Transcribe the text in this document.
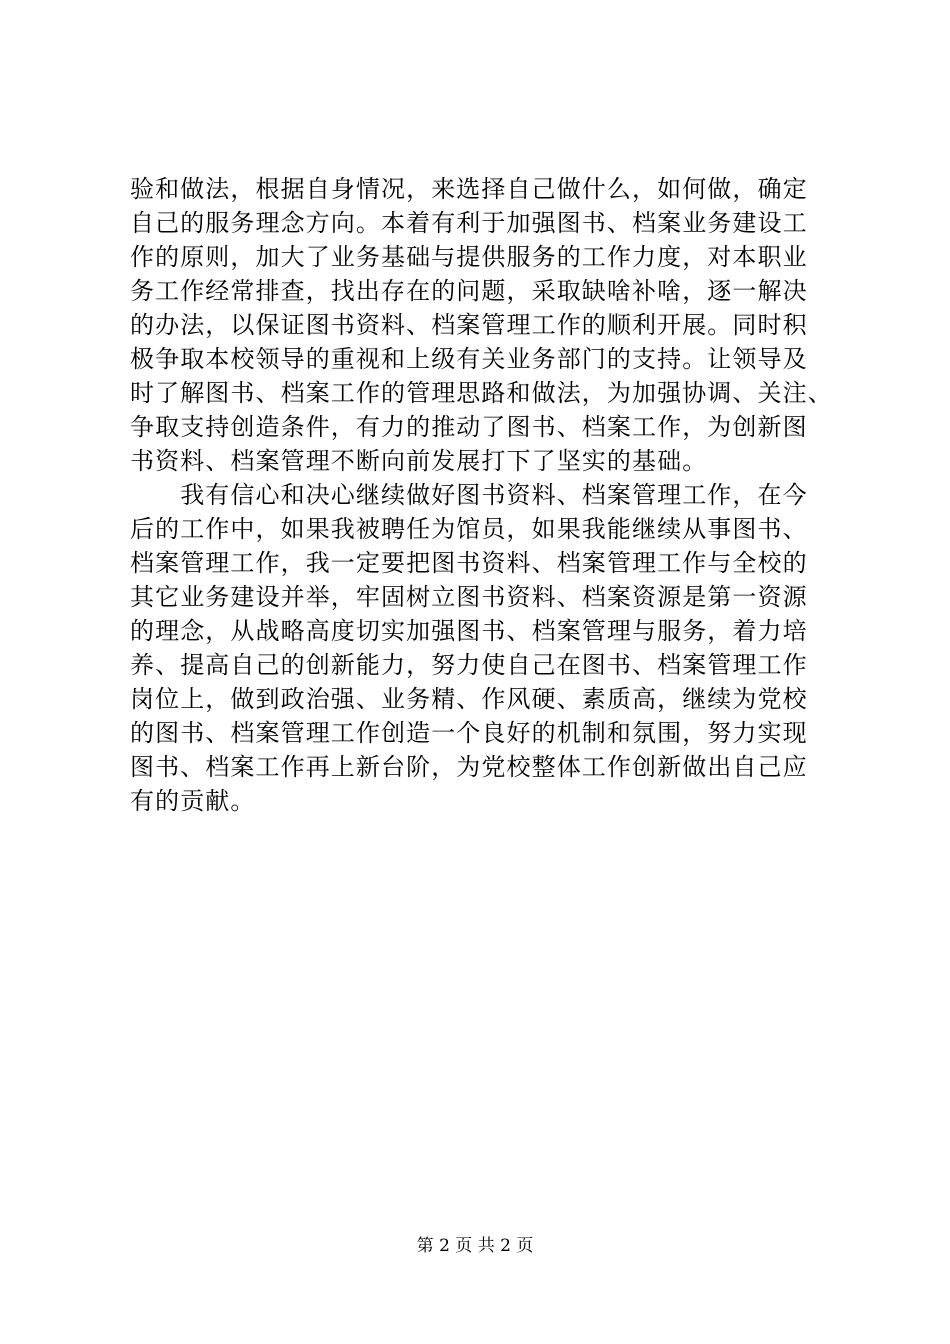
验和做法，根据自身情况，来选择自己做什么，如何做，确定
自己的服务理念方向。本着有利于加强图书、档案业务建设工
作的原则，加大了业务基础与提供服务的工作力度，对本职业
务工作经常排查，找出存在的问题，采取缺啥补啥，逐一解决
的办法，以保证图书资料、档案管理工作的顺利开展。同时积
极争取本校领导的重视和上级有关业务部门的支持。让领导及
时了解图书、档案工作的管理思路和做法，为加强协调、关注、
争取支持创造条件，有力的推动了图书、档案工作，为创新图
书资料、档案管理不断向前发展打下了坚实的基础。

　　我有信心和决心继续做好图书资料、档案管理工作，在今
后的工作中，如果我被聘任为馆员，如果我能继续从事图书、
档案管理工作，我一定要把图书资料、档案管理工作与全校的
其它业务建设并举，牢固树立图书资料、档案资源是第一资源
的理念，从战略高度切实加强图书、档案管理与服务，着力培
养、提高自己的创新能力，努力使自己在图书、档案管理工作
岗位上，做到政治强、业务精、作风硬、素质高，继续为党校
的图书、档案管理工作创造一个良好的机制和氛围，努力实现
图书、档案工作再上新台阶，为党校整体工作创新做出自己应
有的贡献。

第 2 页 共 2 页
